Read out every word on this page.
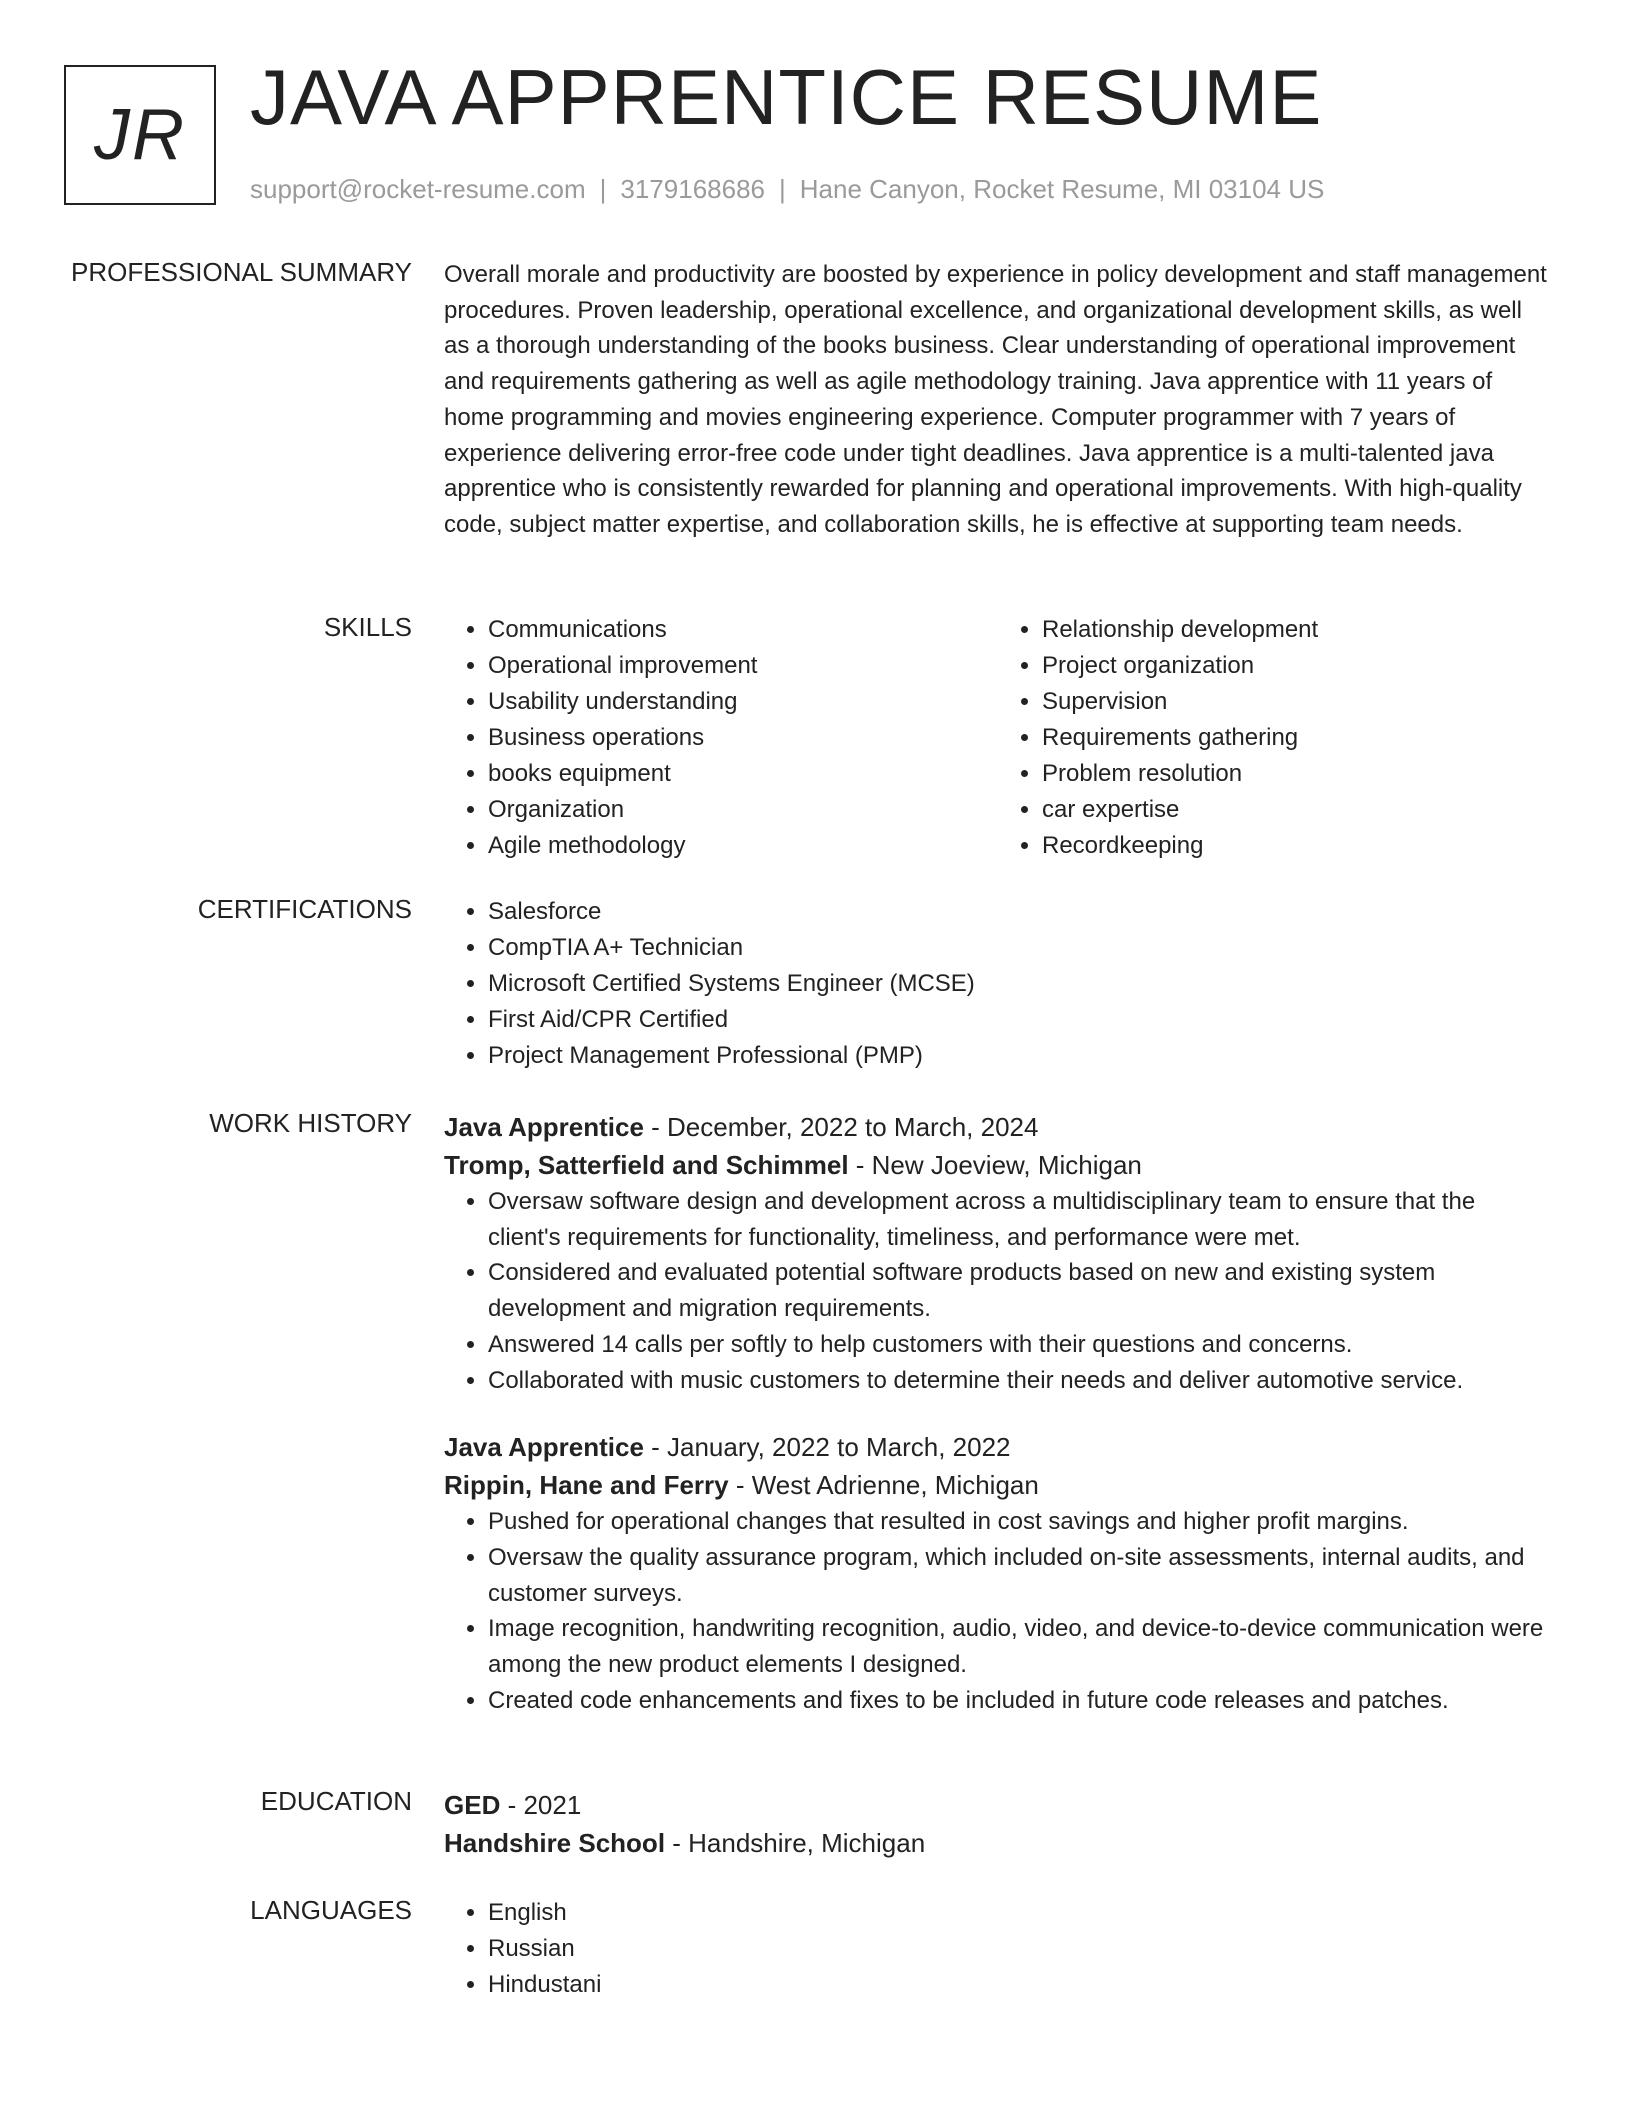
JR JAVA APPRENTICE RESUME
support@rocket-resume.com | 3179168686 | Hane Canyon, Rocket Resume, MI 03104 US
PROFESSIONAL SUMMARY Overall morale and productivity are boosted by experience in policy development and staff management procedures. Proven leadership, operational excellence, and organizational development skills, as well as a thorough understanding of the books business. Clear understanding of operational improvement and requirements gathering as well as agile methodology training. Java apprentice with 11 years of home programming and movies engineering experience. Computer programmer with 7 years of experience delivering error-free code under tight deadlines. Java apprentice is a multi-talented java apprentice who is consistently rewarded for planning and operational improvements. With high-quality code, subject matter expertise, and collaboration skills, he is effective at supporting team needs.

SKILLS	• Communications
• Operational improvement
• Usability understanding
• Business operations
• books equipment
• Organization
• Agile methodology
• Relationship development
• Project organization
• Supervision
• Requirements gathering
• Problem resolution
• car expertise
• Recordkeeping
CERTIFICATIONS	• Salesforce
• CompTIA A+ Technician
• Microsoft Certified Systems Engineer (MCSE)
• First Aid/CPR Certified
• Project Management Professional (PMP)
WORK HISTORY Java Apprentice - December, 2022 to March, 2024
Tromp, Satterfield and Schimmel - New Joeview, Michigan
• Oversaw software design and development across a multidisciplinary team to ensure that the client's requirements for functionality, timeliness, and performance were met.
• Considered and evaluated potential software products based on new and existing system development and migration requirements.
• Answered 14 calls per softly to help customers with their questions and concerns.
• Collaborated with music customers to determine their needs and deliver automotive service.
Java Apprentice - January, 2022 to March, 2022
Rippin, Hane and Ferry - West Adrienne, Michigan
• Pushed for operational changes that resulted in cost savings and higher profit margins.
• Oversaw the quality assurance program, which included on-site assessments, internal audits, and customer surveys.
• Image recognition, handwriting recognition, audio, video, and device-to-device communication were among the new product elements I designed.
• Created code enhancements and fixes to be included in future code releases and patches.
EDUCATION GED - 2021
Handshire School - Handshire, Michigan
LANGUAGES	• English
• Russian
• Hindustani
